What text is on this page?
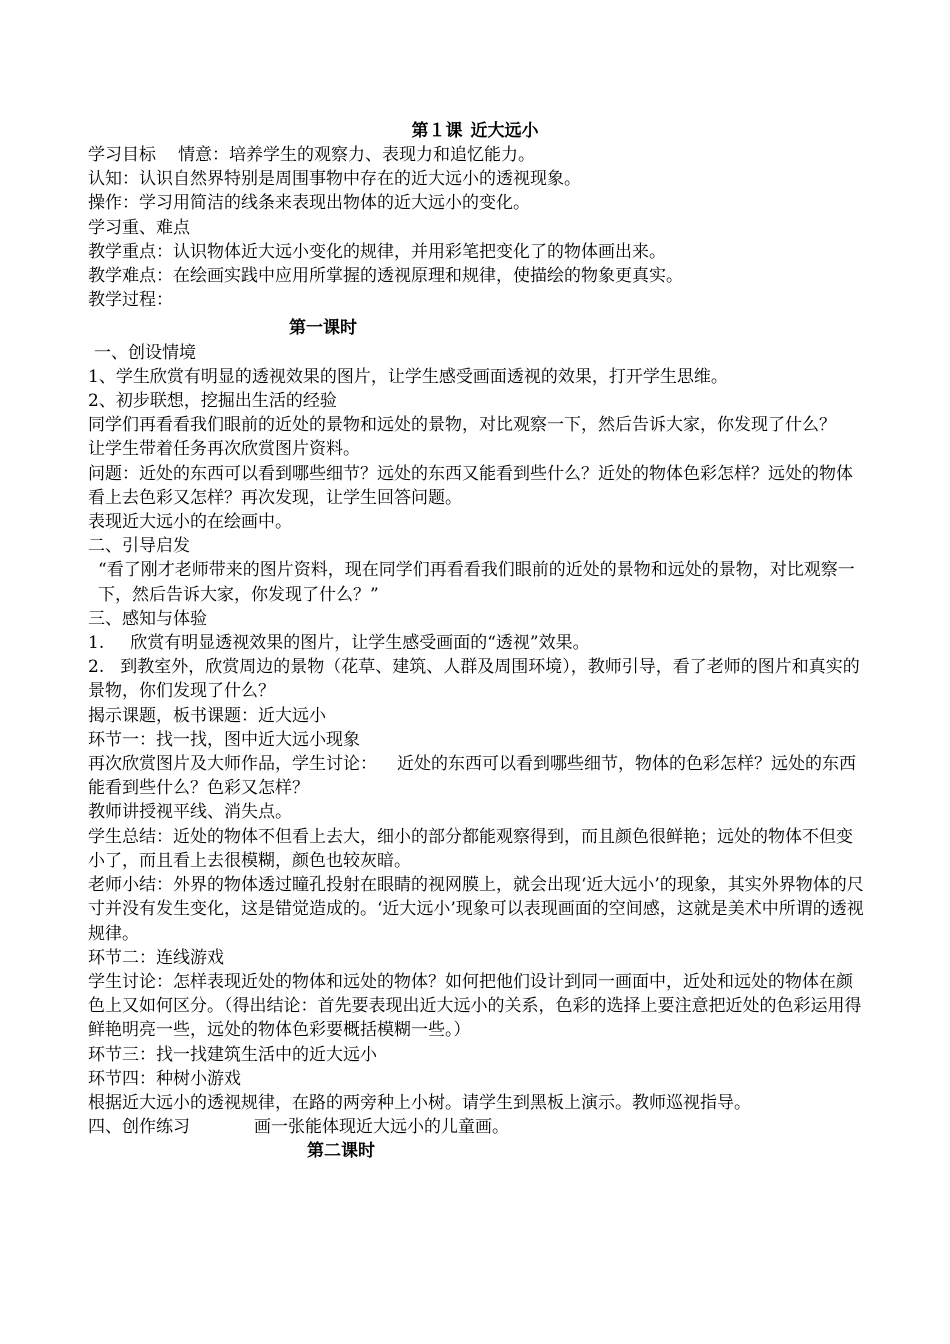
第１课 近大远小

学习目标 情意：培养学生的观察力、表现力和追忆能力。

认知：认识自然界特别是周围事物中存在的近大远小的透视现象。

操作：学习用简洁的线条来表现出物体的近大远小的变化。

学习重、难点

教学重点：认识物体近大远小变化的规律，并用彩笔把变化了的物体画出来。

教学难点：在绘画实践中应用所掌握的透视原理和规律，使描绘的物象更真实。

教学过程：

第一课时

一、创设情境

1、学生欣赏有明显的透视效果的图片，让学生感受画面透视的效果，打开学生思维。

2、初步联想，挖掘出生活的经验

同学们再看看我们眼前的近处的景物和远处的景物，对比观察一下，然后告诉大家，你发现了什么？

让学生带着任务再次欣赏图片资料。

问题：近处的东西可以看到哪些细节？远处的东西又能看到些什么？近处的物体色彩怎样？远处的物体看上去色彩又怎样？再次发现，让学生回答问题。

表现近大远小的在绘画中。

二、引导启发

“看了刚才老师带来的图片资料，现在同学们再看看我们眼前的近处的景物和远处的景物，对比观察一下，然后告诉大家，你发现了什么？”

三、感知与体验

1. 欣赏有明显透视效果的图片，让学生感受画面的“透视”效果。

2. 到教室外，欣赏周边的景物（花草、建筑、人群及周围环境），教师引导，看了老师的图片和真实的景物，你们发现了什么？

揭示课题，板书课题：近大远小

环节一：找一找，图中近大远小现象

再次欣赏图片及大师作品，学生讨论： 近处的东西可以看到哪些细节，物体的色彩怎样？远处的东西能看到些什么？色彩又怎样？

教师讲授视平线、消失点。

学生总结：近处的物体不但看上去大，细小的部分都能观察得到，而且颜色很鲜艳；远处的物体不但变小了，而且看上去很模糊，颜色也较灰暗。

老师小结：外界的物体透过瞳孔投射在眼睛的视网膜上，就会出现‘近大远小’的现象，其实外界物体的尺寸并没有发生变化，这是错觉造成的。‘近大远小’现象可以表现画面的空间感，这就是美术中所谓的透视规律。

环节二：连线游戏

学生讨论：怎样表现近处的物体和远处的物体？如何把他们设计到同一画面中，近处和远处的物体在颜色上又如何区分。（得出结论：首先要表现出近大远小的关系，色彩的选择上要注意把近处的色彩运用得鲜艳明亮一些，远处的物体色彩要概括模糊一些。）

环节三：找一找建筑生活中的近大远小

环节四：种树小游戏

根据近大远小的透视规律，在路的两旁种上小树。请学生到黑板上演示。教师巡视指导。

四、创作练习	画一张能体现近大远小的儿童画。

第二课时
